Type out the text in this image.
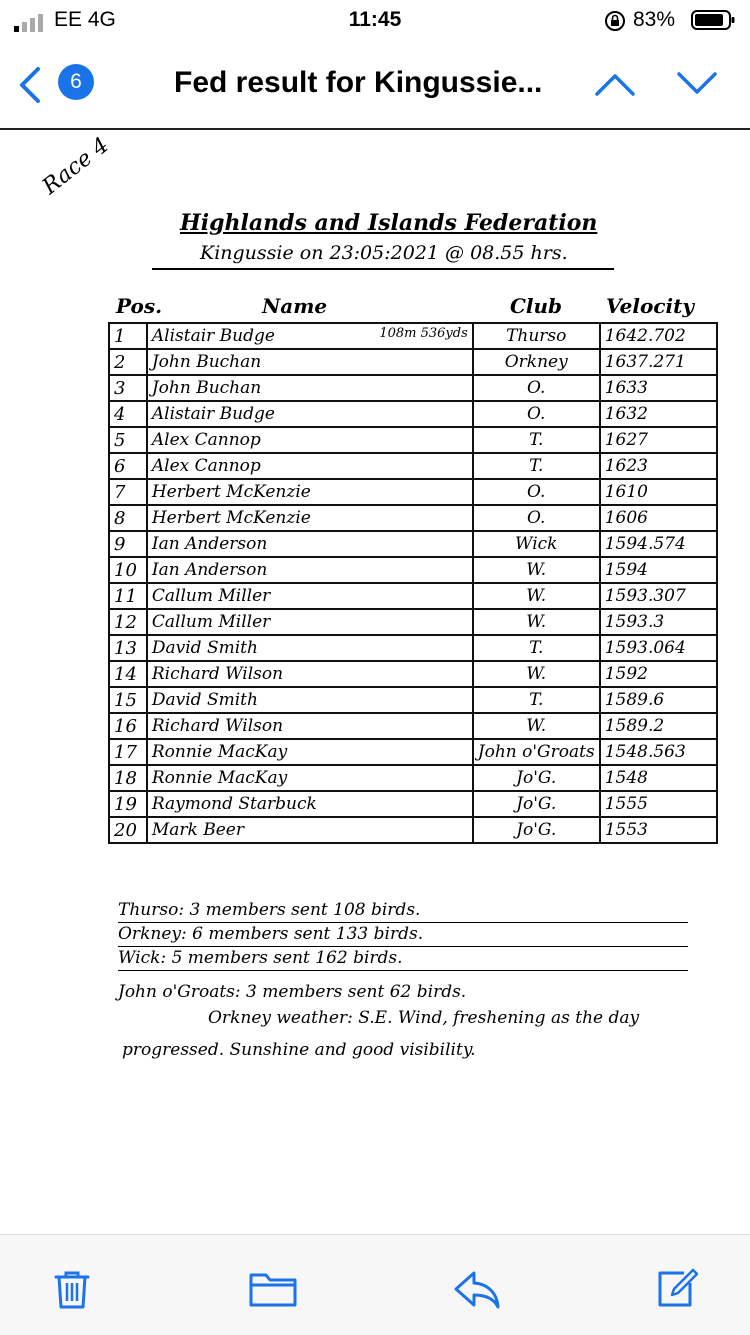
EE 4G	11:45	83%
6	Fed result for Kingussie...
Race 4
Highlands and Islands Federation
Kingussie on 23:05:2021 @ 08.55 hrs.
Pos.	Name	Club Velocity
1	Alistair Budge 108m 536yds	Thurso	1642.702
2	John Buchan	Orkney	1637.271
3	John Buchan	O.	1633
4	Alistair Budge	O.	1632
5	Alex Cannop	T.	1627
6	Alex Cannop	T.	1623
7	Herbert McKenzie	O.	1610
8	Herbert McKenzie	O.	1606
9	Ian Anderson	Wick	1594.574
10	Ian Anderson	W.	1594
11	Callum Miller	W.	1593.307
12	Callum Miller	W.	1593.3
13	David Smith	T.	1593.064
14	Richard Wilson	W.	1592
15	David Smith	T.	1589.6
16	Richard Wilson	W.	1589.2
17	Ronnie MacKay	John o'Groats	1548.563
18	Ronnie MacKay	Jo'G.	1548
19	Raymond Starbuck	Jo'G.	1555
20	Mark Beer	Jo'G.	1553
Thurso: 3 members sent 108 birds.
Orkney: 6 members sent 133 birds.
Wick: 5 members sent 162 birds.
John o'Groats: 3 members sent 62 birds.
Orkney weather: S.E. Wind, freshening as the day
progressed. Sunshine and good visibility.
